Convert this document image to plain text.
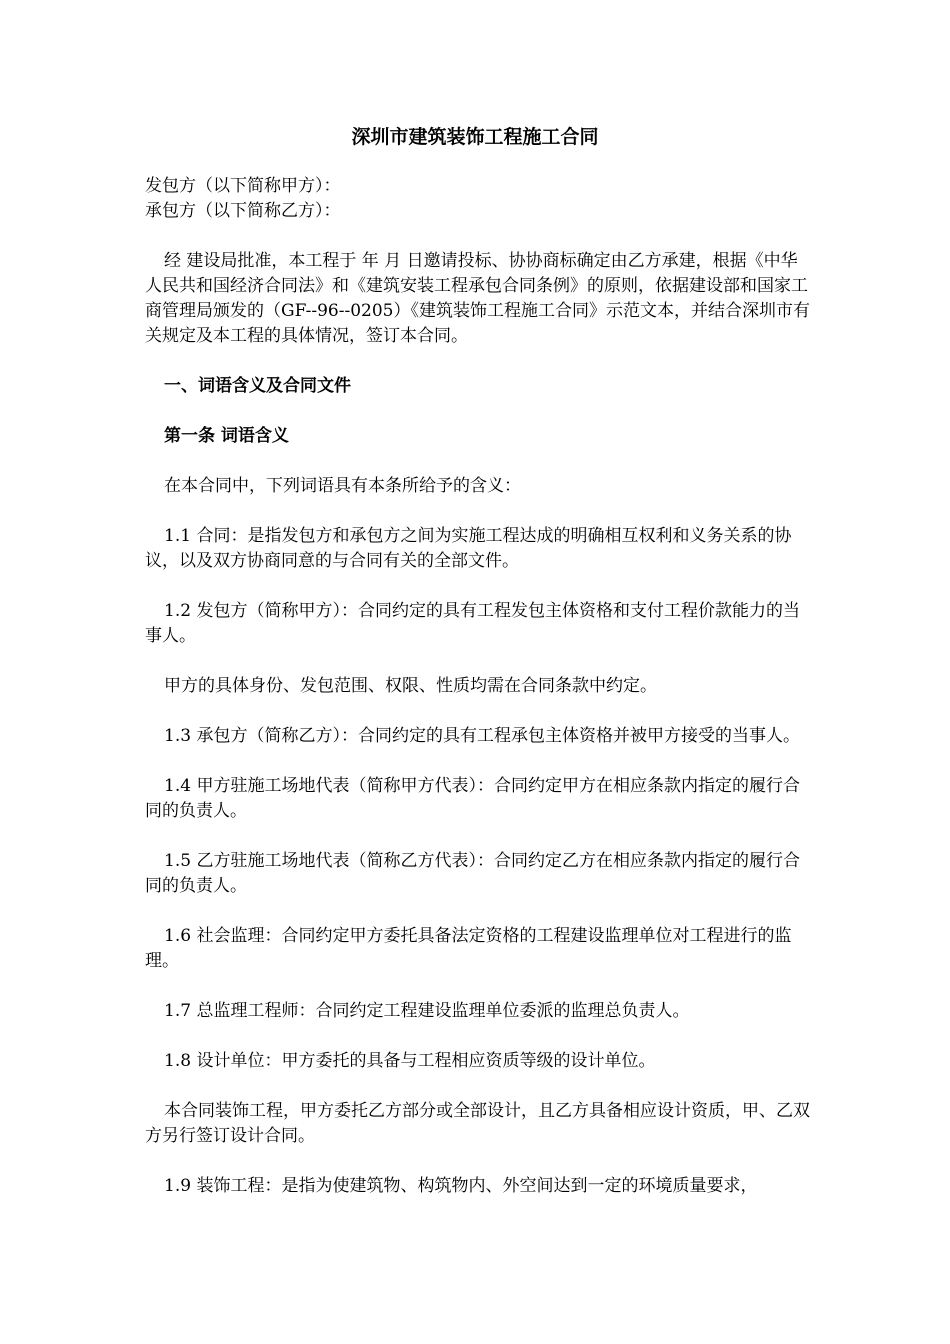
深圳市建筑装饰工程施工合同

发包方（以下简称甲方）：

承包方（以下简称乙方）：

经 建设局批准，本工程于 年 月 日邀请投标、协协商标确定由乙方承建，根据《中华人民共和国经济合同法》和《建筑安装工程承包合同条例》的原则，依据建设部和国家工商管理局颁发的（GF--96--0205）《建筑装饰工程施工合同》示范文本，并结合深圳市有关规定及本工程的具体情况，签订本合同。

一、词语含义及合同文件

第一条 词语含义

在本合同中，下列词语具有本条所给予的含义：

1.1 合同：是指发包方和承包方之间为实施工程达成的明确相互权利和义务关系的协议，以及双方协商同意的与合同有关的全部文件。

1.2 发包方（简称甲方）：合同约定的具有工程发包主体资格和支付工程价款能力的当事人。

甲方的具体身份、发包范围、权限、性质均需在合同条款中约定。

1.3 承包方（简称乙方）：合同约定的具有工程承包主体资格并被甲方接受的当事人。

1.4 甲方驻施工场地代表（简称甲方代表）：合同约定甲方在相应条款内指定的履行合同的负责人。

1.5 乙方驻施工场地代表（简称乙方代表）：合同约定乙方在相应条款内指定的履行合同的负责人。

1.6 社会监理：合同约定甲方委托具备法定资格的工程建设监理单位对工程进行的监理。

1.7 总监理工程师：合同约定工程建设监理单位委派的监理总负责人。

1.8 设计单位：甲方委托的具备与工程相应资质等级的设计单位。

本合同装饰工程，甲方委托乙方部分或全部设计，且乙方具备相应设计资质，甲、乙双方另行签订设计合同。

1.9 装饰工程：是指为使建筑物、构筑物内、外空间达到一定的环境质量要求，
